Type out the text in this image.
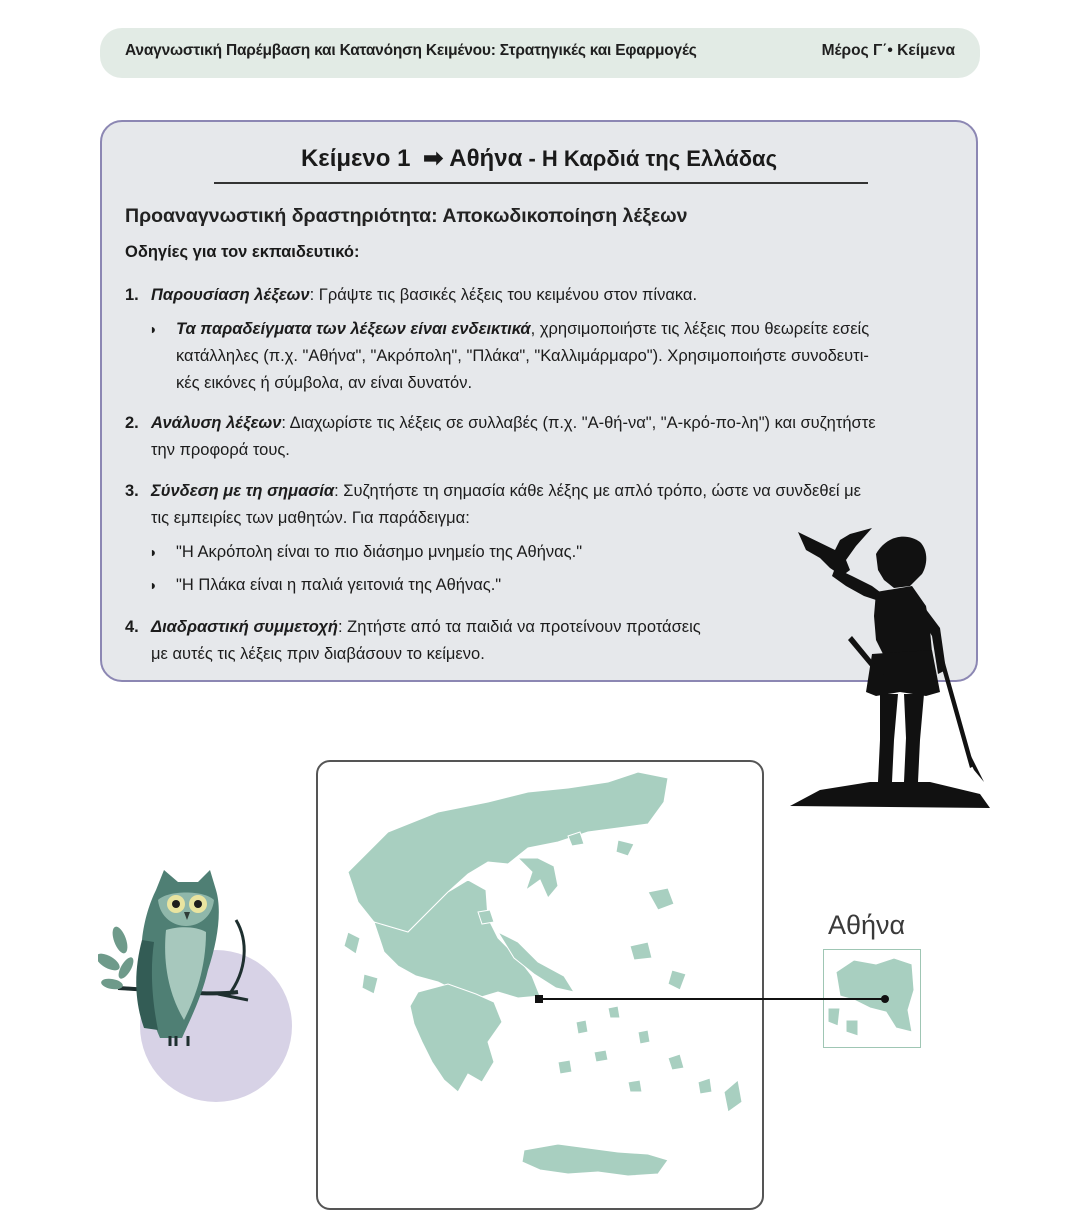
Αναγνωστική Παρέμβαση και Κατανόηση Κειμένου: Στρατηγικές και Εφαρμογές	Μέρος Γ΄• Κείμενα
Κείμενο 1 ➡ Αθήνα - Η Καρδιά της Ελλάδας
Προαναγνωστική δραστηριότητα: Αποκωδικοποίηση λέξεων
Οδηγίες για τον εκπαιδευτικό:
1. Παρουσίαση λέξεων: Γράψτε τις βασικές λέξεις του κειμένου στον πίνακα.
◗ Τα παραδείγματα των λέξεων είναι ενδεικτικά, χρησιμοποιήστε τις λέξεις που θεωρείτε εσείς
κατάλληλες (π.χ. "Αθήνα", "Ακρόπολη", "Πλάκα", "Καλλιμάρμαρο"). Χρησιμοποιήστε συνοδευτι-
κές εικόνες ή σύμβολα, αν είναι δυνατόν.
2. Ανάλυση λέξεων: Διαχωρίστε τις λέξεις σε συλλαβές (π.χ. "Α-θή-να", "Α-κρό-πο-λη") και συζητήστε
την προφορά τους.
3. Σύνδεση με τη σημασία: Συζητήστε τη σημασία κάθε λέξης με απλό τρόπο, ώστε να συνδεθεί με
τις εμπειρίες των μαθητών. Για παράδειγμα:
◗ "Η Ακρόπολη είναι το πιο διάσημο μνημείο της Αθήνας."
◗ "Η Πλάκα είναι η παλιά γειτονιά της Αθήνας."
4. Διαδραστική συμμετοχή: Ζητήστε από τα παιδιά να προτείνουν προτάσεις
με αυτές τις λέξεις πριν διαβάσουν το κείμενο.
Αθήνα
